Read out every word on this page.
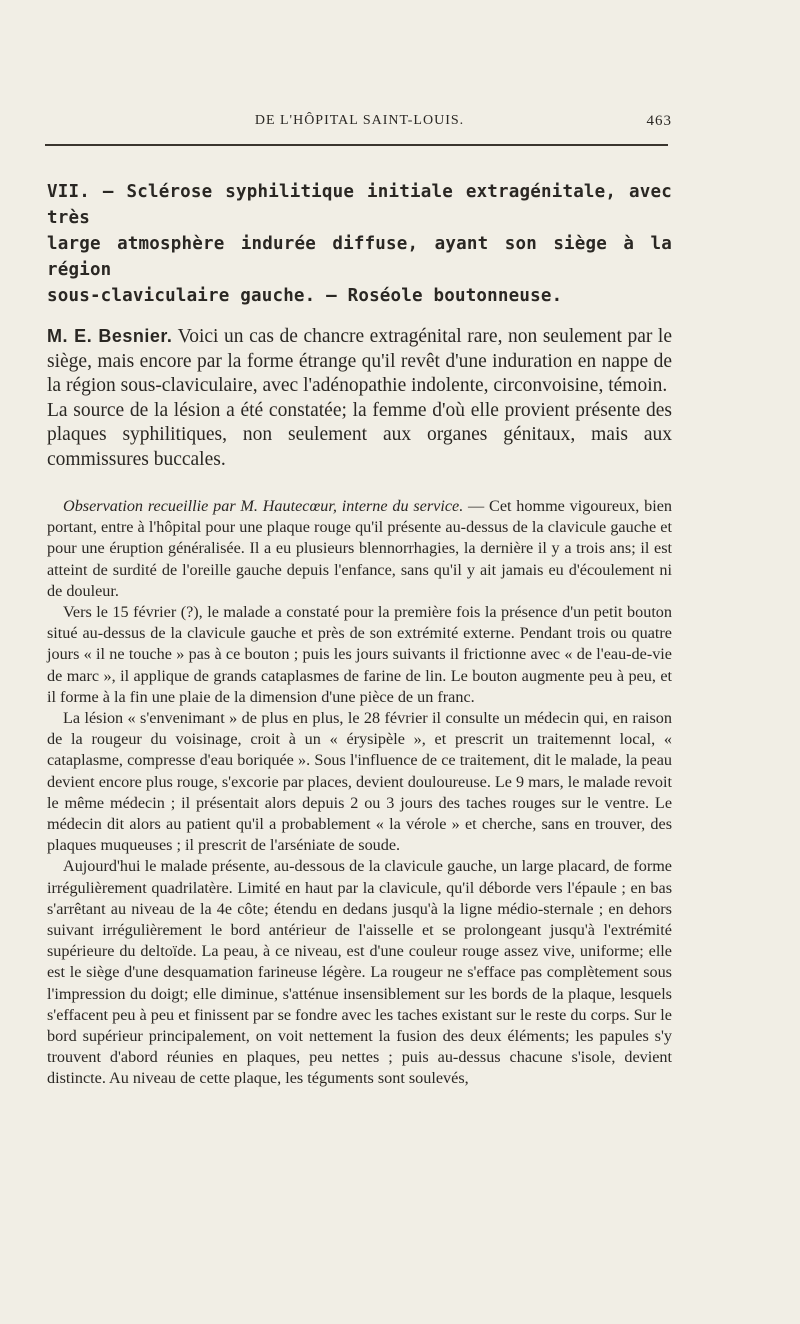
DE L'HÔPITAL SAINT-LOUIS.	463
VII. — Sclérose syphilitique initiale extragénitale, avec très
large atmosphère indurée diffuse, ayant son siège à la région
sous-claviculaire gauche. — Roséole boutonneuse.

M. E. Besnier. Voici un cas de chancre extragénital rare, non seulement par le siège, mais encore par la forme étrange qu'il revêt d'une induration en nappe de la région sous-claviculaire, avec l'adénopathie indolente, circonvoisine, témoin.

La source de la lésion a été constatée; la femme d'où elle provient présente des plaques syphilitiques, non seulement aux organes génitaux, mais aux commissures buccales.

Observation recueillie par M. Hautecœur, interne du service. — Cet homme vigoureux, bien portant, entre à l'hôpital pour une plaque rouge qu'il présente au-dessus de la clavicule gauche et pour une éruption généralisée. Il a eu plusieurs blennorrhagies, la dernière il y a trois ans; il est atteint de surdité de l'oreille gauche depuis l'enfance, sans qu'il y ait jamais eu d'écoulement ni de douleur.

Vers le 15 février (?), le malade a constaté pour la première fois la présence d'un petit bouton situé au-dessus de la clavicule gauche et près de son extrémité externe. Pendant trois ou quatre jours « il ne touche » pas à ce bouton ; puis les jours suivants il frictionne avec « de l'eau-de-vie de marc », il applique de grands cataplasmes de farine de lin. Le bouton augmente peu à peu, et il forme à la fin une plaie de la dimension d'une pièce de un franc.

La lésion « s'envenimant » de plus en plus, le 28 février il consulte un médecin qui, en raison de la rougeur du voisinage, croit à un « érysipèle », et prescrit un traitemennt local, « cataplasme, compresse d'eau boriquée ». Sous l'influence de ce traitement, dit le malade, la peau devient encore plus rouge, s'excorie par places, devient douloureuse. Le 9 mars, le malade revoit le même médecin ; il présentait alors depuis 2 ou 3 jours des taches rouges sur le ventre. Le médecin dit alors au patient qu'il a probablement « la vérole » et cherche, sans en trouver, des plaques muqueuses ; il prescrit de l'arséniate de soude.

Aujourd'hui le malade présente, au-dessous de la clavicule gauche, un large placard, de forme irrégulièrement quadrilatère. Limité en haut par la clavicule, qu'il déborde vers l'épaule ; en bas s'arrêtant au niveau de la 4e côte; étendu en dedans jusqu'à la ligne médio-sternale ; en dehors suivant irrégulièrement le bord antérieur de l'aisselle et se prolongeant jusqu'à l'extrémité supérieure du deltoïde. La peau, à ce niveau, est d'une couleur rouge assez vive, uniforme; elle est le siège d'une desquamation farineuse légère. La rougeur ne s'efface pas complètement sous l'impression du doigt; elle diminue, s'atténue insensiblement sur les bords de la plaque, lesquels s'effacent peu à peu et finissent par se fondre avec les taches existant sur le reste du corps. Sur le bord supérieur principalement, on voit nettement la fusion des deux éléments; les papules s'y trouvent d'abord réunies en plaques, peu nettes ; puis au-dessus chacune s'isole, devient distincte. Au niveau de cette plaque, les téguments sont soulevés,
